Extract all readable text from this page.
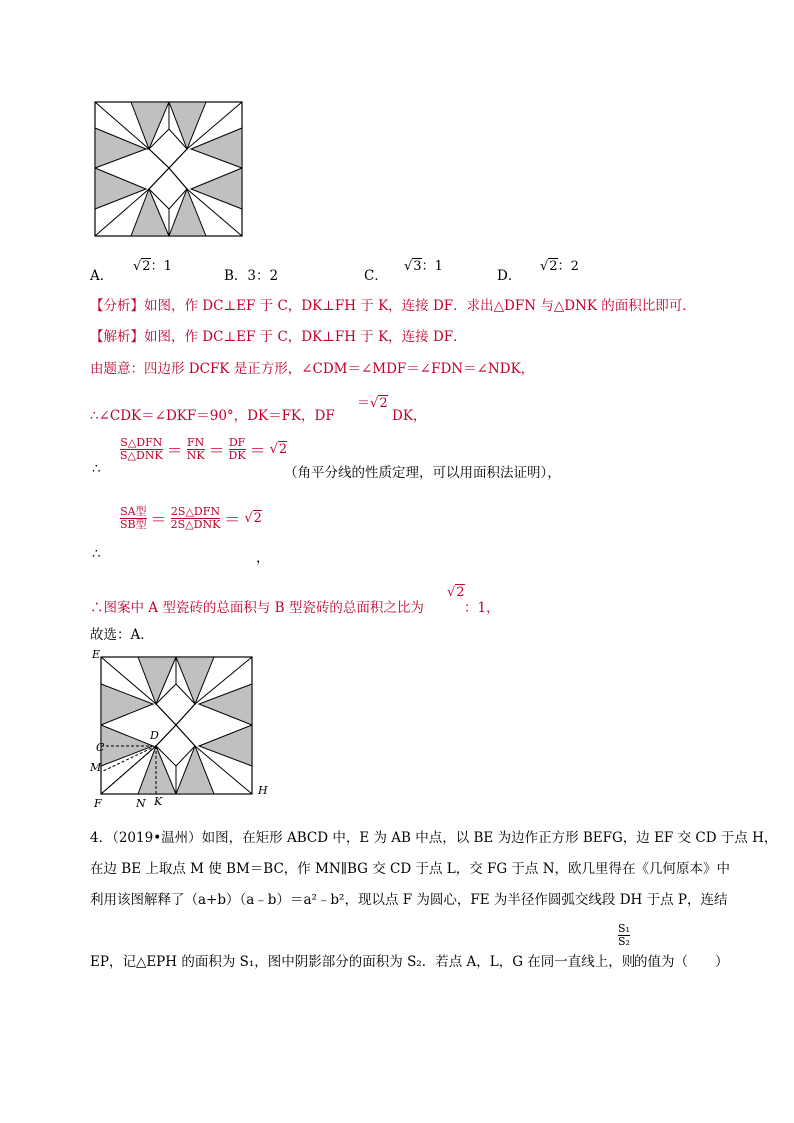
A．
√2：1
B．3：2	C．
√3：1
D．
√2：2
【分析】如图，作 DC⊥EF 于 C，DK⊥FH 于 K，连接 DF．求出△DFN 与△DNK 的面积比即可．
【解析】如图，作 DC⊥EF 于 C，DK⊥FH 于 K，连接 DF．
由题意：四边形 DCFK 是正方形，∠CDM＝∠MDF＝∠FDN＝∠NDK，
∴∠CDK＝∠DKF＝90°，DK＝FK，DF
＝√2
DK，
∴
$\frac{\text{S△DFN}}{\text{S△DNK}} = \frac{FN}{NK} = \frac{DF}{DK} = √2$
（角平分线的性质定理，可以用面积法证明），
∴
$\frac{\text{SA型}}{\text{SB型}} = \frac{\text{2S△DFN}}{\text{2S△DNK}} = √2$
，
∴图案中 A 型瓷砖的总面积与 B 型瓷砖的总面积之比为
√2
：1，
故选：A．
E
C
M
F	N K
H
D
4．（2019•温州）如图，在矩形 ABCD 中，E 为 AB 中点，以 BE 为边作正方形 BEFG，边 EF 交 CD 于点 H，
在边 BE 上取点 M 使 BM＝BC，作 MN∥BG 交 CD 于点 L，交 FG 于点 N，欧几里得在《几何原本》中
利用该图解释了（a+b）（a﹣b）＝a²﹣b²，现以点 F 为圆心，FE 为半径作圆弧交线段 DH 于点 P，连结
EP，记△EPH 的面积为 S₁，图中阴影部分的面积为 S₂．若点 A，L，G 在同一直线上，则
$\frac{\text{S₁}}{\text{S₂}}$
的值为（　　）
